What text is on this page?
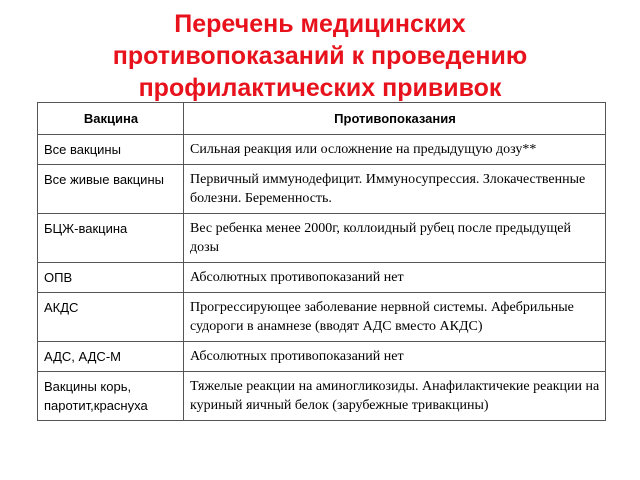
Перечень медицинских
противопоказаний к проведению
профилактических прививок
Вакцина	Противопоказания
Все вакцины	Сильная реакция или осложнение на предыдущую дозу**
Все живые вакцины	Первичный иммунодефицит. Иммуносупрессия. Злокачественные болезни. Беременность.
БЦЖ-вакцина	Вес ребенка менее 2000г, коллоидный рубец после предыдущей дозы
ОПВ	Абсолютных противопоказаний нет
АКДС	Прогрессирующее заболевание нервной системы. Афебрильные судороги в анамнезе (вводят АДС вместо АКДС)
АДС, АДС-М	Абсолютных противопоказаний нет
Вакцины корь, паротит,краснуха	Тяжелые реакции на аминогликозиды. Анафилактичекие реакции на куриный яичный белок (зарубежные тривакцины)
